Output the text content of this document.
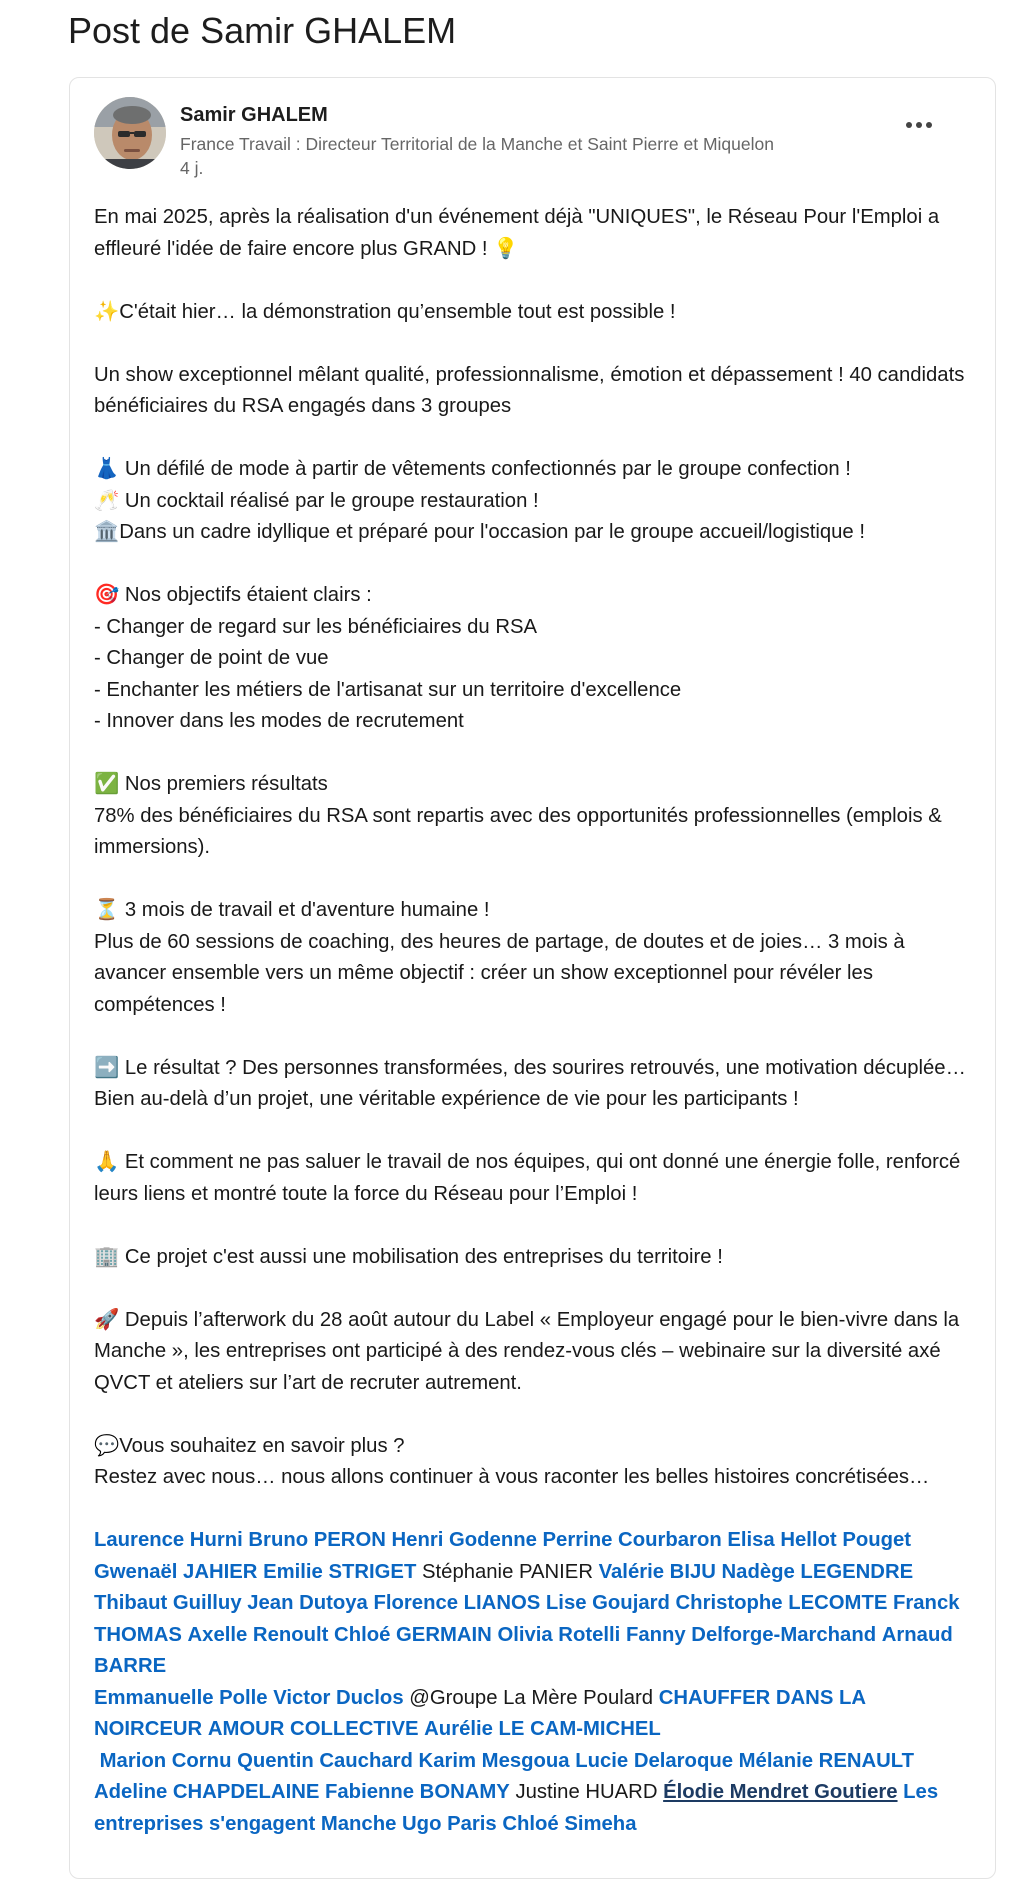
Post de Samir GHALEM
Samir GHALEM
France Travail : Directeur Territorial de la Manche et Saint Pierre et Miquelon
4 j.

En mai 2025, après la réalisation d'un événement déjà "UNIQUES", le Réseau Pour l'Emploi a effleuré l'idée de faire encore plus GRAND ! 💡

✨C'était hier… la démonstration qu’ensemble tout est possible !

Un show exceptionnel mêlant qualité, professionnalisme, émotion et dépassement ! 40 candidats bénéficiaires du RSA engagés dans 3 groupes

👗 Un défilé de mode à partir de vêtements confectionnés par le groupe confection !
🥂 Un cocktail réalisé par le groupe restauration !
🏛️Dans un cadre idyllique et préparé pour l'occasion par le groupe accueil/logistique !

🎯 Nos objectifs étaient clairs :
- Changer de regard sur les bénéficiaires du RSA
- Changer de point de vue
- Enchanter les métiers de l'artisanat sur un territoire d'excellence
- Innover dans les modes de recrutement

✅ Nos premiers résultats
78% des bénéficiaires du RSA sont repartis avec des opportunités professionnelles (emplois & immersions).

⏳ 3 mois de travail et d'aventure humaine !
Plus de 60 sessions de coaching, des heures de partage, de doutes et de joies… 3 mois à avancer ensemble vers un même objectif : créer un show exceptionnel pour révéler les compétences !

➡️ Le résultat ? Des personnes transformées, des sourires retrouvés, une motivation décuplée… Bien au-delà d’un projet, une véritable expérience de vie pour les participants !

🙏 Et comment ne pas saluer le travail de nos équipes, qui ont donné une énergie folle, renforcé leurs liens et montré toute la force du Réseau pour l’Emploi !

🏢 Ce projet c'est aussi une mobilisation des entreprises du territoire !

🚀 Depuis l’afterwork du 28 août autour du Label « Employeur engagé pour le bien-vivre dans la Manche », les entreprises ont participé à des rendez-vous clés – webinaire sur la diversité axé QVCT et ateliers sur l’art de recruter autrement.

💬Vous souhaitez en savoir plus ?
Restez avec nous… nous allons continuer à vous raconter les belles histoires concrétisées…

Laurence Hurni Bruno PERON Henri Godenne Perrine Courbaron Elisa Hellot Pouget Gwenaël JAHIER Emilie STRIGET Stéphanie PANIER Valérie BIJU Nadège LEGENDRE Thibaut Guilluy Jean Dutoya Florence LIANOS Lise Goujard Christophe LECOMTE Franck THOMAS Axelle Renoult Chloé GERMAIN Olivia Rotelli Fanny Delforge-Marchand Arnaud BARRE
Emmanuelle Polle Victor Duclos @Groupe La Mère Poulard CHAUFFER DANS LA NOIRCEUR AMOUR COLLECTIVE Aurélie LE CAM-MICHEL
Marion Cornu Quentin Cauchard Karim Mesgoua Lucie Delaroque Mélanie RENAULT Adeline CHAPDELAINE Fabienne BONAMY Justine HUARD Élodie Mendret Goutiere Les entreprises s'engagent Manche Ugo Paris Chloé Simeha
